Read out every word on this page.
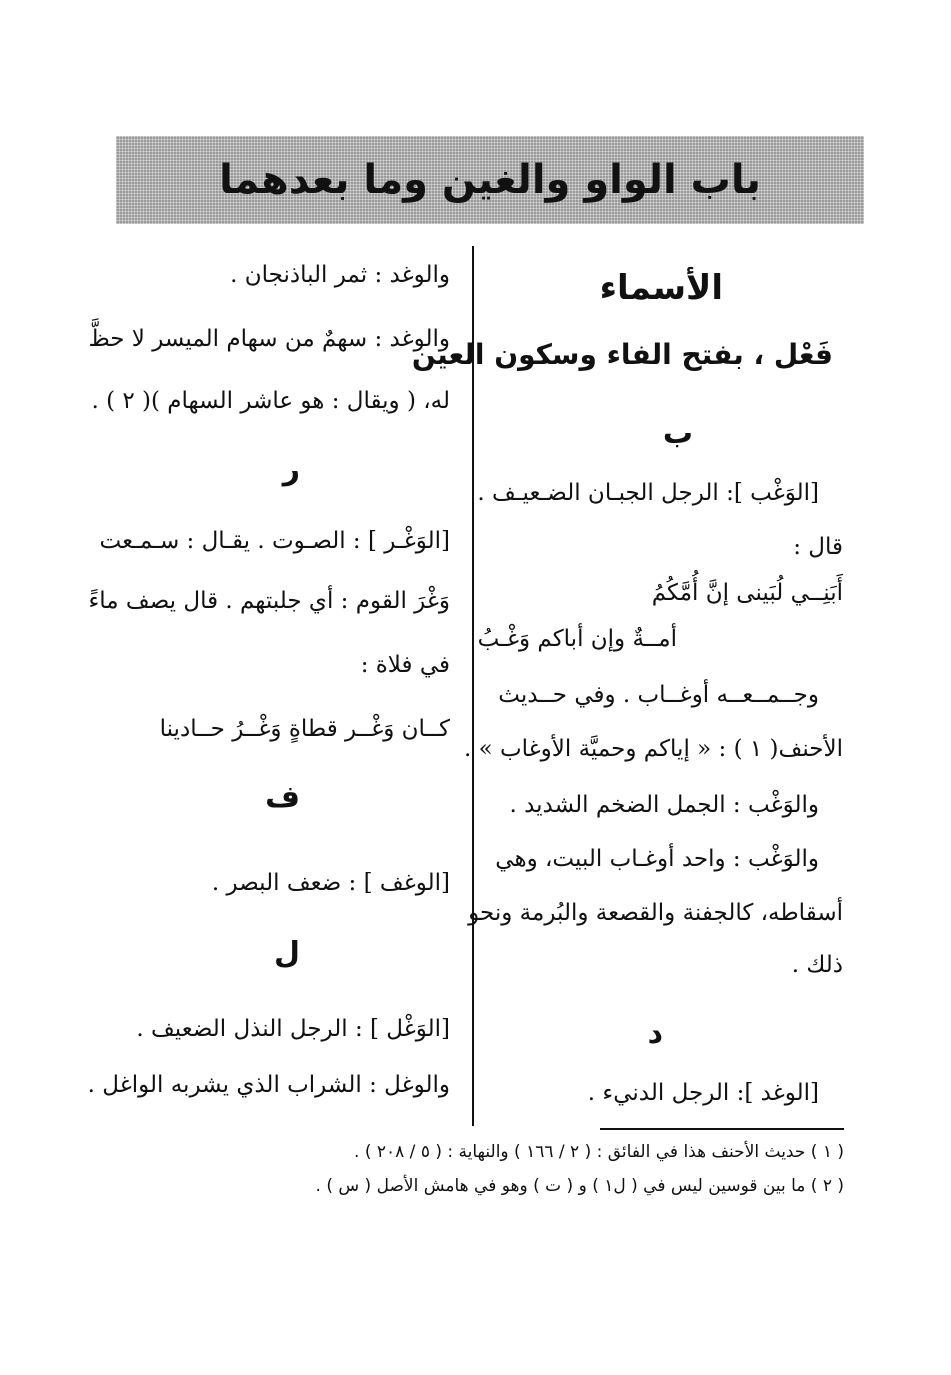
باب الواو والغين وما بعدهما
الأسماء
فَعْل ، بفتح الفاء وسكون العين
ب
[الوَغْب ]: الرجل الجبـان الضـعيـف .
قال :
أَبَنِــي لُبَينى إنَّ أُمَّكُمُ
أمــةٌ وإن أباكم وَغْـبُ
وجــمــعــه أوغــاب . وفي حــديث
الأحنف( ١ ) : « إياكم وحميَّة الأوغاب » .
والوَغْب : الجمل الضخم الشديد .
والوَغْب : واحد أوغـاب البيت، وهي
أسقاطه، كالجفنة والقصعة والبُرمة ونحو
ذلك .
د
[الوغد ]: الرجل الدنيء .
والوغد : ثمر الباذنجان .
والوغد : سهمٌ من سهام الميسر لا حظَّ
له، ( ويقال : هو عاشر السهام )( ٢ ) .
ر
[الوَغْـر ] : الصـوت . يقـال : سـمـعت
وَغْرَ القوم : أي جلبتهم . قال يصف ماءً
في فلاة :
كــان وَغْــر قطاةٍ وَغْــرُ حــادينا
ف
[الوغف ] : ضعف البصر .
ل
[الوَغْل ] : الرجل النذل الضعيف .
والوغل : الشراب الذي يشربه الواغل .
( ١ ) حديث الأحنف هذا في الفائق : ( ٢ / ١٦٦ ) والنهاية : ( ٥ / ٢٠٨ ) .
( ٢ ) ما بين قوسين ليس في ( ل١ ) و ( ت ) وهو في هامش الأصل ( س ) .
